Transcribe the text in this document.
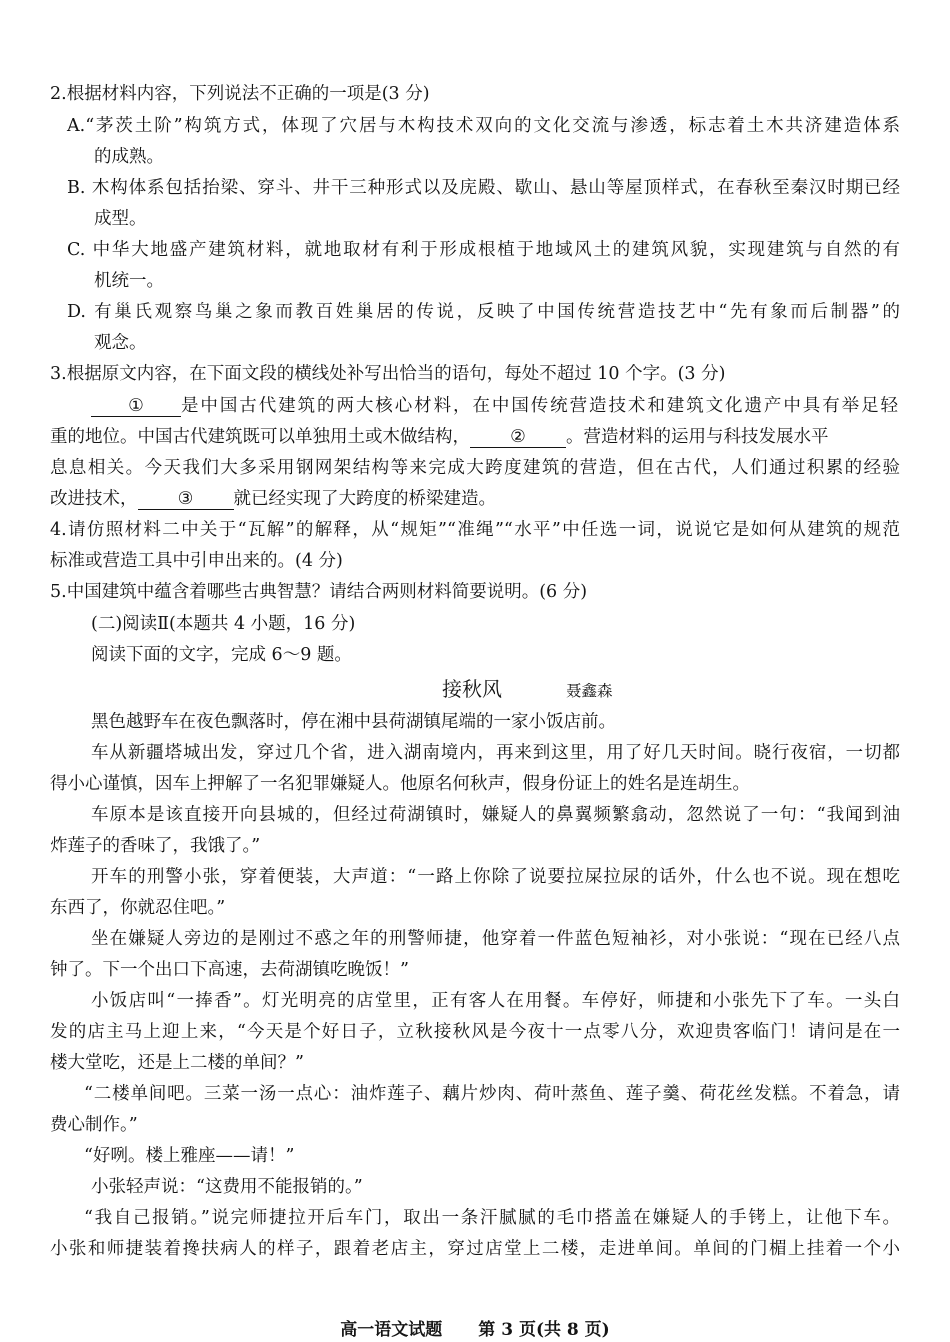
2.根据材料内容，下列说法不正确的一项是(3 分)
A.“茅茨土阶”构筑方式，体现了穴居与木构技术双向的文化交流与渗透，标志着土木共济建造体系
的成熟。
B. 木构体系包括抬梁、穿斗、井干三种形式以及庑殿、歇山、悬山等屋顶样式，在春秋至秦汉时期已经
成型。
C. 中华大地盛产建筑材料，就地取材有利于形成根植于地域风土的建筑风貌，实现建筑与自然的有
机统一。
D. 有巢氏观察鸟巢之象而教百姓巢居的传说，反映了中国传统营造技艺中“先有象而后制器”的
观念。
3.根据原文内容，在下面文段的横线处补写出恰当的语句，每处不超过 10 个字。(3 分)
① 是中国古代建筑的两大核心材料，在中国传统营造技术和建筑文化遗产中具有举足轻
重的地位。中国古代建筑既可以单独用土或木做结构， ② 。营造材料的运用与科技发展水平
息息相关。今天我们大多采用钢网架结构等来完成大跨度建筑的营造，但在古代，人们通过积累的经验
改进技术， ③ 就已经实现了大跨度的桥梁建造。
4.请仿照材料二中关于“瓦解”的解释，从“规矩”“准绳”“水平”中任选一词，说说它是如何从建筑的规范
标准或营造工具中引申出来的。(4 分)
5.中国建筑中蕴含着哪些古典智慧？请结合两则材料简要说明。(6 分)
(二)阅读Ⅱ(本题共 4 小题，16 分)
阅读下面的文字，完成 6～9 题。
接秋风	聂鑫森
黑色越野车在夜色飘落时，停在湘中县荷湖镇尾端的一家小饭店前。
车从新疆塔城出发，穿过几个省，进入湖南境内，再来到这里，用了好几天时间。晓行夜宿，一切都
得小心谨慎，因车上押解了一名犯罪嫌疑人。他原名何秋声，假身份证上的姓名是连胡生。
车原本是该直接开向县城的，但经过荷湖镇时，嫌疑人的鼻翼频繁翕动，忽然说了一句：“我闻到油
炸莲子的香味了，我饿了。”
开车的刑警小张，穿着便装，大声道：“一路上你除了说要拉屎拉尿的话外，什么也不说。现在想吃
东西了，你就忍住吧。”
坐在嫌疑人旁边的是刚过不惑之年的刑警师捷，他穿着一件蓝色短袖衫，对小张说：“现在已经八点
钟了。下一个出口下高速，去荷湖镇吃晚饭！”
小饭店叫“一捧香”。灯光明亮的店堂里，正有客人在用餐。车停好，师捷和小张先下了车。一头白
发的店主马上迎上来，“今天是个好日子，立秋接秋风是今夜十一点零八分，欢迎贵客临门！请问是在一
楼大堂吃，还是上二楼的单间？”
“二楼单间吧。三菜一汤一点心：油炸莲子、藕片炒肉、荷叶蒸鱼、莲子羹、荷花丝发糕。不着急，请
费心制作。”
“好咧。楼上雅座——请！”
小张轻声说：“这费用不能报销的。”
“我自己报销。”说完师捷拉开后车门，取出一条汗腻腻的毛巾搭盖在嫌疑人的手铐上，让他下车。
小张和师捷装着搀扶病人的样子，跟着老店主，穿过店堂上二楼，走进单间。单间的门楣上挂着一个小
高一语文试题 第 3 页(共 8 页)
